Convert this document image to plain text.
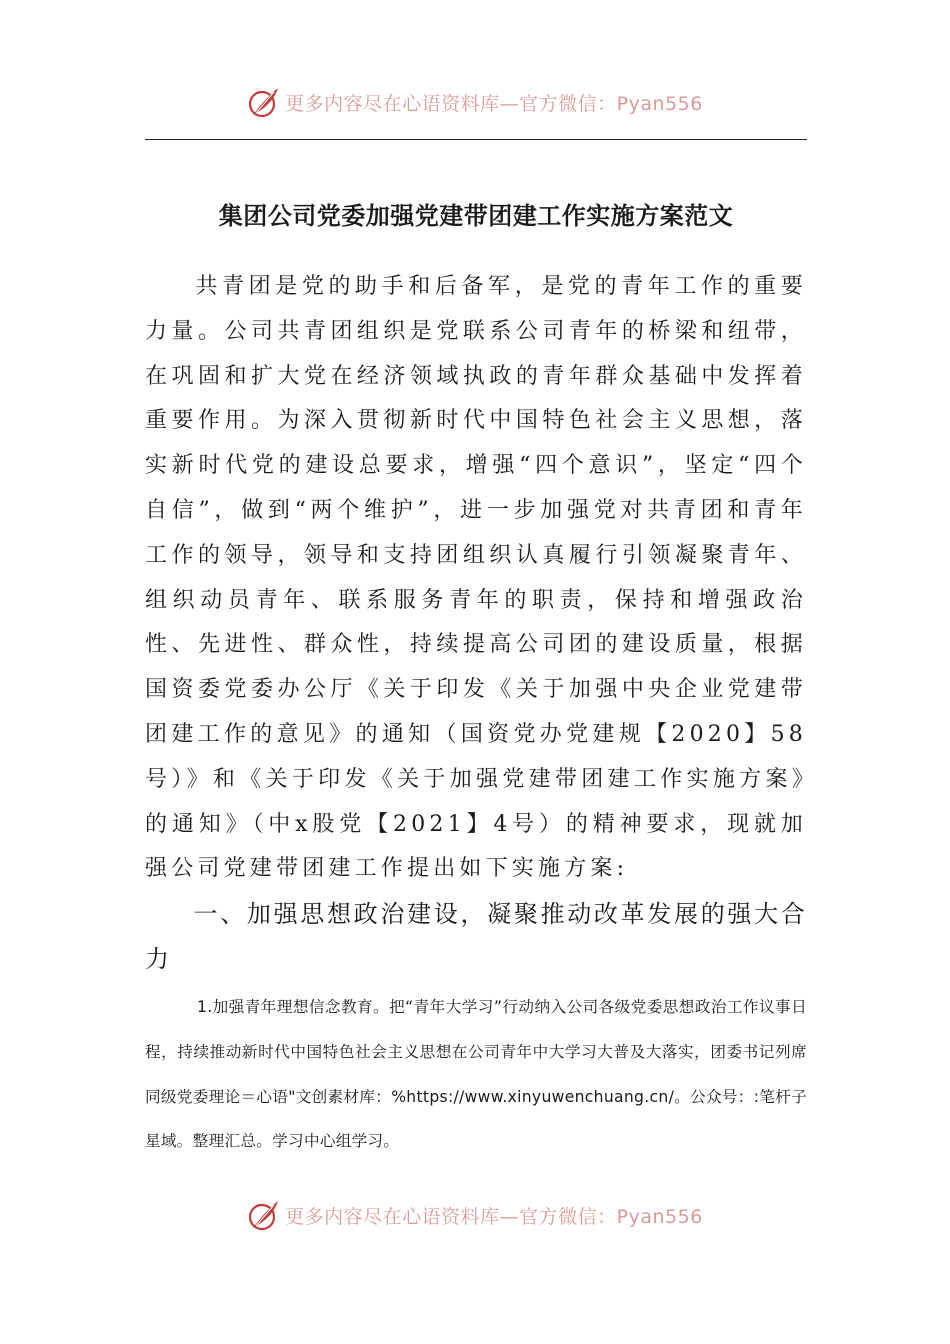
更多内容尽在心语资料库—官方微信：Pyan556
集团公司党委加强党建带团建工作实施方案范文
共青团是党的助手和后备军，是党的青年工作的重要力量。公司共青团组织是党联系公司青年的桥梁和纽带，在巩固和扩大党在经济领域执政的青年群众基础中发挥着重要作用。为深入贯彻新时代中国特色社会主义思想，落实新时代党的建设总要求，增强“四个意识”，坚定“四个自信”，做到“两个维护”，进一步加强党对共青团和青年工作的领导，领导和支持团组织认真履行引领凝聚青年、组织动员青年、联系服务青年的职责，保持和增强政治性、先进性、群众性，持续提高公司团的建设质量，根据国资委党委办公厅《关于印发《关于加强中央企业党建带团建工作的意见》的通知（国资党办党建规【2020】58号）》和《关于印发《关于加强党建带团建工作实施方案》的通知》（中x股党【2021】4号）的精神要求，现就加强公司党建带团建工作提出如下实施方案:
一、加强思想政治建设，凝聚推动改革发展的强大合力
1.加强青年理想信念教育。把“青年大学习”行动纳入公司各级党委思想政治工作议事日程，持续推动新时代中国特色社会主义思想在公司青年中大学习大普及大落实，团委书记列席同级党委理论＝心语"文创素材库：%https://www.xinyuwenchuang.cn/。公众号：:笔杆子星域。整理汇总。学习中心组学习。
更多内容尽在心语资料库—官方微信：Pyan556
